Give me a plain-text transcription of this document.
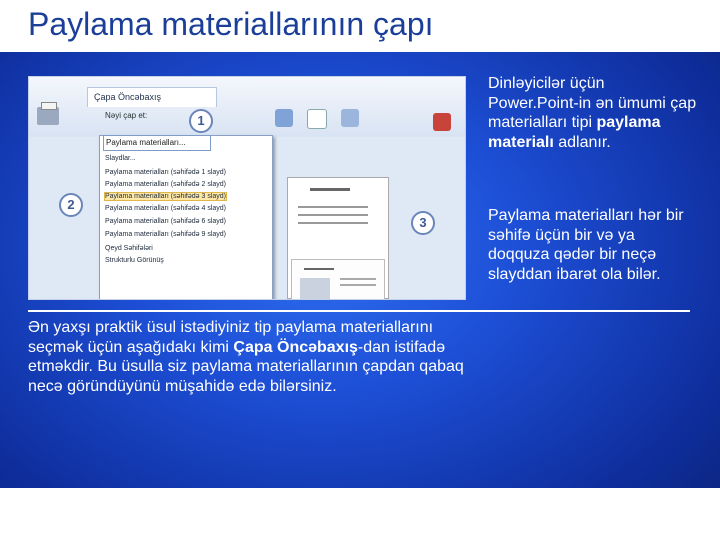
Paylama materiallarının çapı
Çapa Öncəbaxış
Nəyi çap et:
Paylama materialları...
Slaydlar...
Paylama materialları (səhifədə 1 slayd)
Paylama materialları (səhifədə 2 slayd)
Paylama materialları (səhifədə 3 slayd)
Paylama materialları (səhifədə 4 slayd)
Paylama materialları (səhifədə 6 slayd)
Paylama materialları (səhifədə 9 slayd)
Qeyd Səhifələri
Strukturlu Görünüş
1
2
3
Dinləyicilər üçün Power.Point-in ən ümumi çap materialları tipi paylama materialı adlanır.
Paylama materialları hər bir səhifə üçün bir və ya doqquza qədər bir neçə slayddan ibarət ola bilər.
Ən yaxşı praktik üsul istədiyiniz tip paylama materiallarını seçmək üçün aşağıdakı kimi Çapa Öncəbaxış-dan istifadə etməkdir. Bu üsulla siz paylama materiallarının çapdan qabaq necə göründüyünü müşahidə edə bilərsiniz.
